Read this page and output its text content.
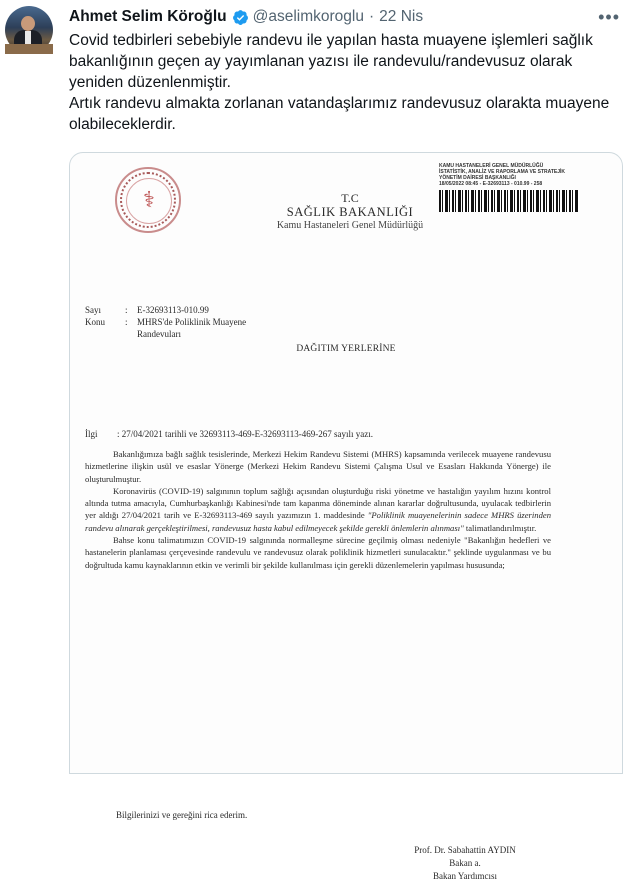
Ahmet Selim Köroğlu @aselimkoroglu · 22 Nis	•••

Covid tedbirleri sebebiyle randevu ile yapılan hasta muayene işlemleri sağlık bakanlığının geçen ay yayımlanan yazısı ile randevulu/randevusuz olarak yeniden düzenlenmiştir.

Artık randevu almakta zorlanan vatandaşlarımız randevusuz olarakta muayene olabileceklerdir.

⚕	T.C
SAĞLIK BAKANLIĞI
Kamu Hastaneleri Genel Müdürlüğü
KAMU HASTANELERİ GENEL MÜDÜRLÜĞÜ
İSTATİSTİK, ANALİZ VE RAPORLAMA VE STRATEJİK
YÖNETİM DAİRESİ BAŞKANLIĞI
18/05/2022 08:45 - E-32693113 - 010.99 - 258
Sayı	:	E-32693113-010.99
Konu	:	MHRS'de Poliklinik Muayene
Randevuları
DAĞITIM YERLERİNE
İlgi	: 27/04/2021 tarihli ve 32693113-469-E-32693113-469-267 sayılı yazı.

Bakanlığımıza bağlı sağlık tesislerinde, Merkezi Hekim Randevu Sistemi (MHRS) kapsamında verilecek muayene randevusu hizmetlerine ilişkin usül ve esaslar Yönerge (Merkezi Hekim Randevu Sistemi Çalışma Usul ve Esasları Hakkında Yönerge) ile oluşturulmuştur.

Koronavirüs (COVID-19) salgınının toplum sağlığı açısından oluşturduğu riski yönetme ve hastalığın yayılım hızını kontrol altında tutma amacıyla, Cumhurbaşkanlığı Kabinesi'nde tam kapanma döneminde alınan kararlar doğrultusunda, uyulacak tedbirlerin yer aldığı 27/04/2021 tarih ve E-32693113-469 sayılı yazımızın 1. maddesinde "Poliklinik muayenelerinin sadece MHRS üzerinden randevu alınarak gerçekleştirilmesi, randevusuz hasta kabul edilmeyecek şekilde gerekli önlemlerin alınması" talimatlandırılmıştır.

Bahse konu talimatımızın COVID-19 salgınında normalleşme sürecine geçilmiş olması nedeniyle "Bakanlığın hedefleri ve hastanelerin planlaması çerçevesinde randevulu ve randevusuz olarak poliklinik hizmetleri sunulacaktır." şeklinde uygulanması ve bu doğrultuda kamu kaynaklarının etkin ve verimli bir şekilde kullanılması için gerekli düzenlemelerin yapılması hususunda;

Bilgilerinizi ve gereğini rica ederim.
Prof. Dr. Sabahattin AYDIN
Bakan a.
Bakan Yardımcısı
